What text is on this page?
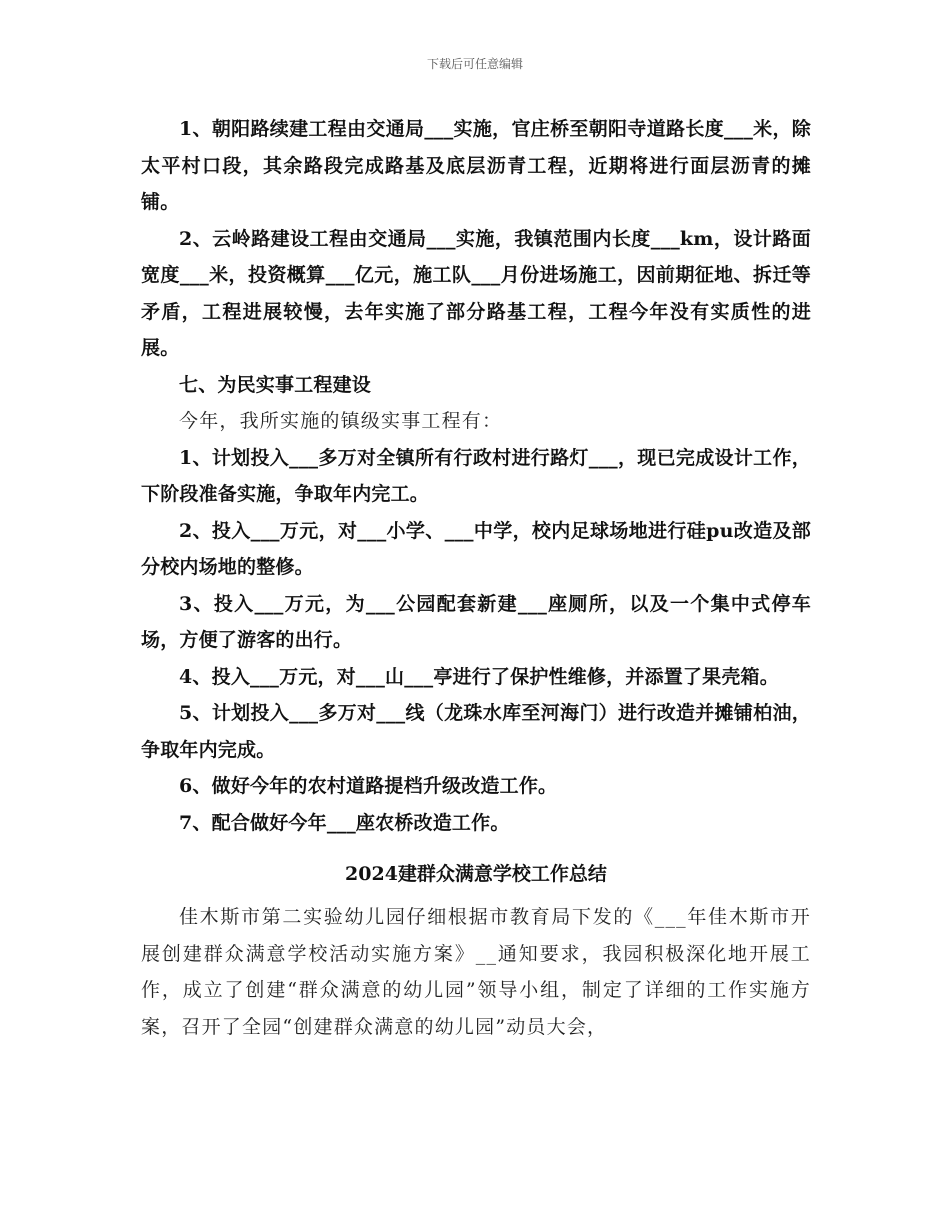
下载后可任意编辑

1、朝阳路续建工程由交通局___实施，官庄桥至朝阳寺道路长度___米，除太平村口段，其余路段完成路基及底层沥青工程，近期将进行面层沥青的摊铺。

2、云岭路建设工程由交通局___实施，我镇范围内长度___km，设计路面宽度___米，投资概算___亿元，施工队___月份进场施工，因前期征地、拆迁等矛盾，工程进展较慢，去年实施了部分路基工程，工程今年没有实质性的进展。

七、为民实事工程建设

今年，我所实施的镇级实事工程有：

1、计划投入___多万对全镇所有行政村进行路灯___，现已完成设计工作，下阶段准备实施，争取年内完工。

2、投入___万元，对___小学、___中学，校内足球场地进行硅pu改造及部分校内场地的整修。

3、投入___万元，为___公园配套新建___座厕所，以及一个集中式停车场，方便了游客的出行。

4、投入___万元，对___山___亭进行了保护性维修，并添置了果壳箱。

5、计划投入___多万对___线（龙珠水库至河海门）进行改造并摊铺柏油，争取年内完成。

6、做好今年的农村道路提档升级改造工作。

7、配合做好今年___座农桥改造工作。

2024建群众满意学校工作总结

佳木斯市第二实验幼儿园仔细根据市教育局下发的《___年佳木斯市开展创建群众满意学校活动实施方案》__通知要求，我园积极深化地开展工作，成立了创建“群众满意的幼儿园”领导小组，制定了详细的工作实施方案，召开了全园“创建群众满意的幼儿园”动员大会，
